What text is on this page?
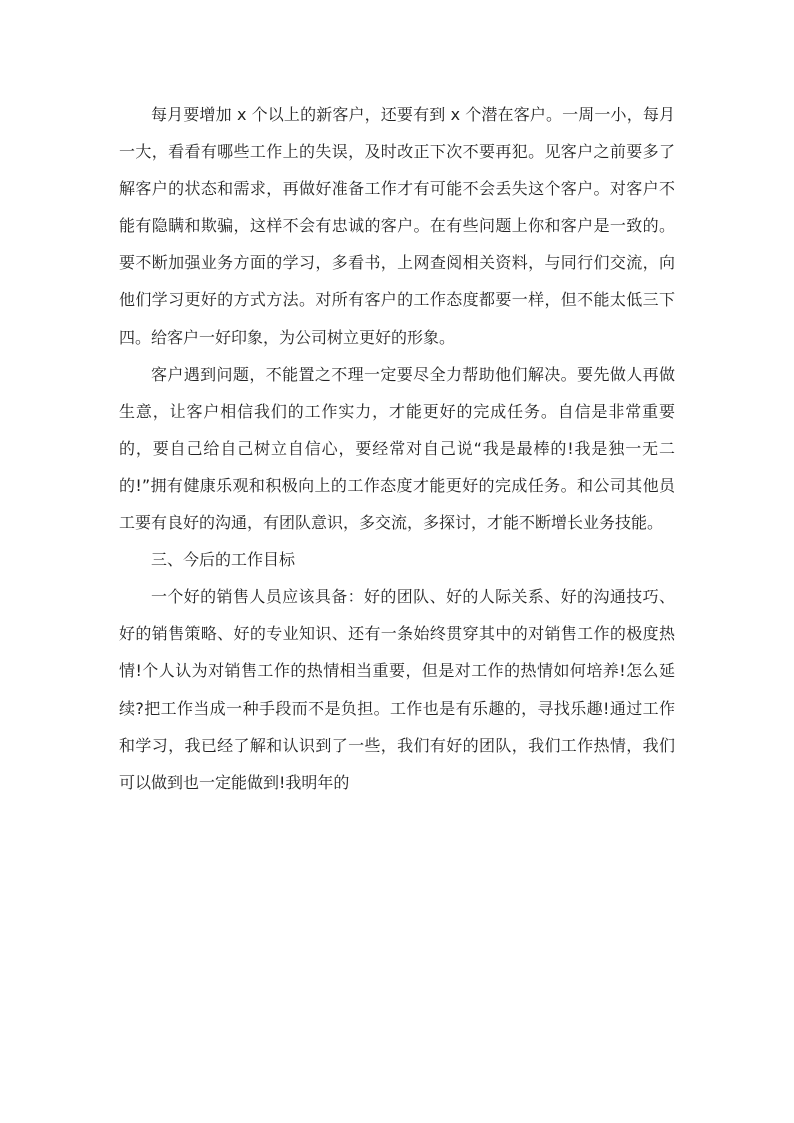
每月要增加 x 个以上的新客户，还要有到 x 个潜在客户。一周一小，每月一大，看看有哪些工作上的失误，及时改正下次不要再犯。见客户之前要多了解客户的状态和需求，再做好准备工作才有可能不会丢失这个客户。对客户不能有隐瞒和欺骗，这样不会有忠诚的客户。在有些问题上你和客户是一致的。要不断加强业务方面的学习，多看书，上网查阅相关资料，与同行们交流，向他们学习更好的方式方法。对所有客户的工作态度都要一样，但不能太低三下四。给客户一好印象，为公司树立更好的形象。

客户遇到问题，不能置之不理一定要尽全力帮助他们解决。要先做人再做生意，让客户相信我们的工作实力，才能更好的完成任务。自信是非常重要的，要自己给自己树立自信心，要经常对自己说“我是最棒的!我是独一无二的!”拥有健康乐观和积极向上的工作态度才能更好的完成任务。和公司其他员工要有良好的沟通，有团队意识，多交流，多探讨，才能不断增长业务技能。

三、今后的工作目标

一个好的销售人员应该具备：好的团队、好的人际关系、好的沟通技巧、好的销售策略、好的专业知识、还有一条始终贯穿其中的对销售工作的极度热情!个人认为对销售工作的热情相当重要，但是对工作的热情如何培养!怎么延续?把工作当成一种手段而不是负担。工作也是有乐趣的，寻找乐趣!通过工作和学习，我已经了解和认识到了一些，我们有好的团队，我们工作热情，我们可以做到也一定能做到!我明年的
